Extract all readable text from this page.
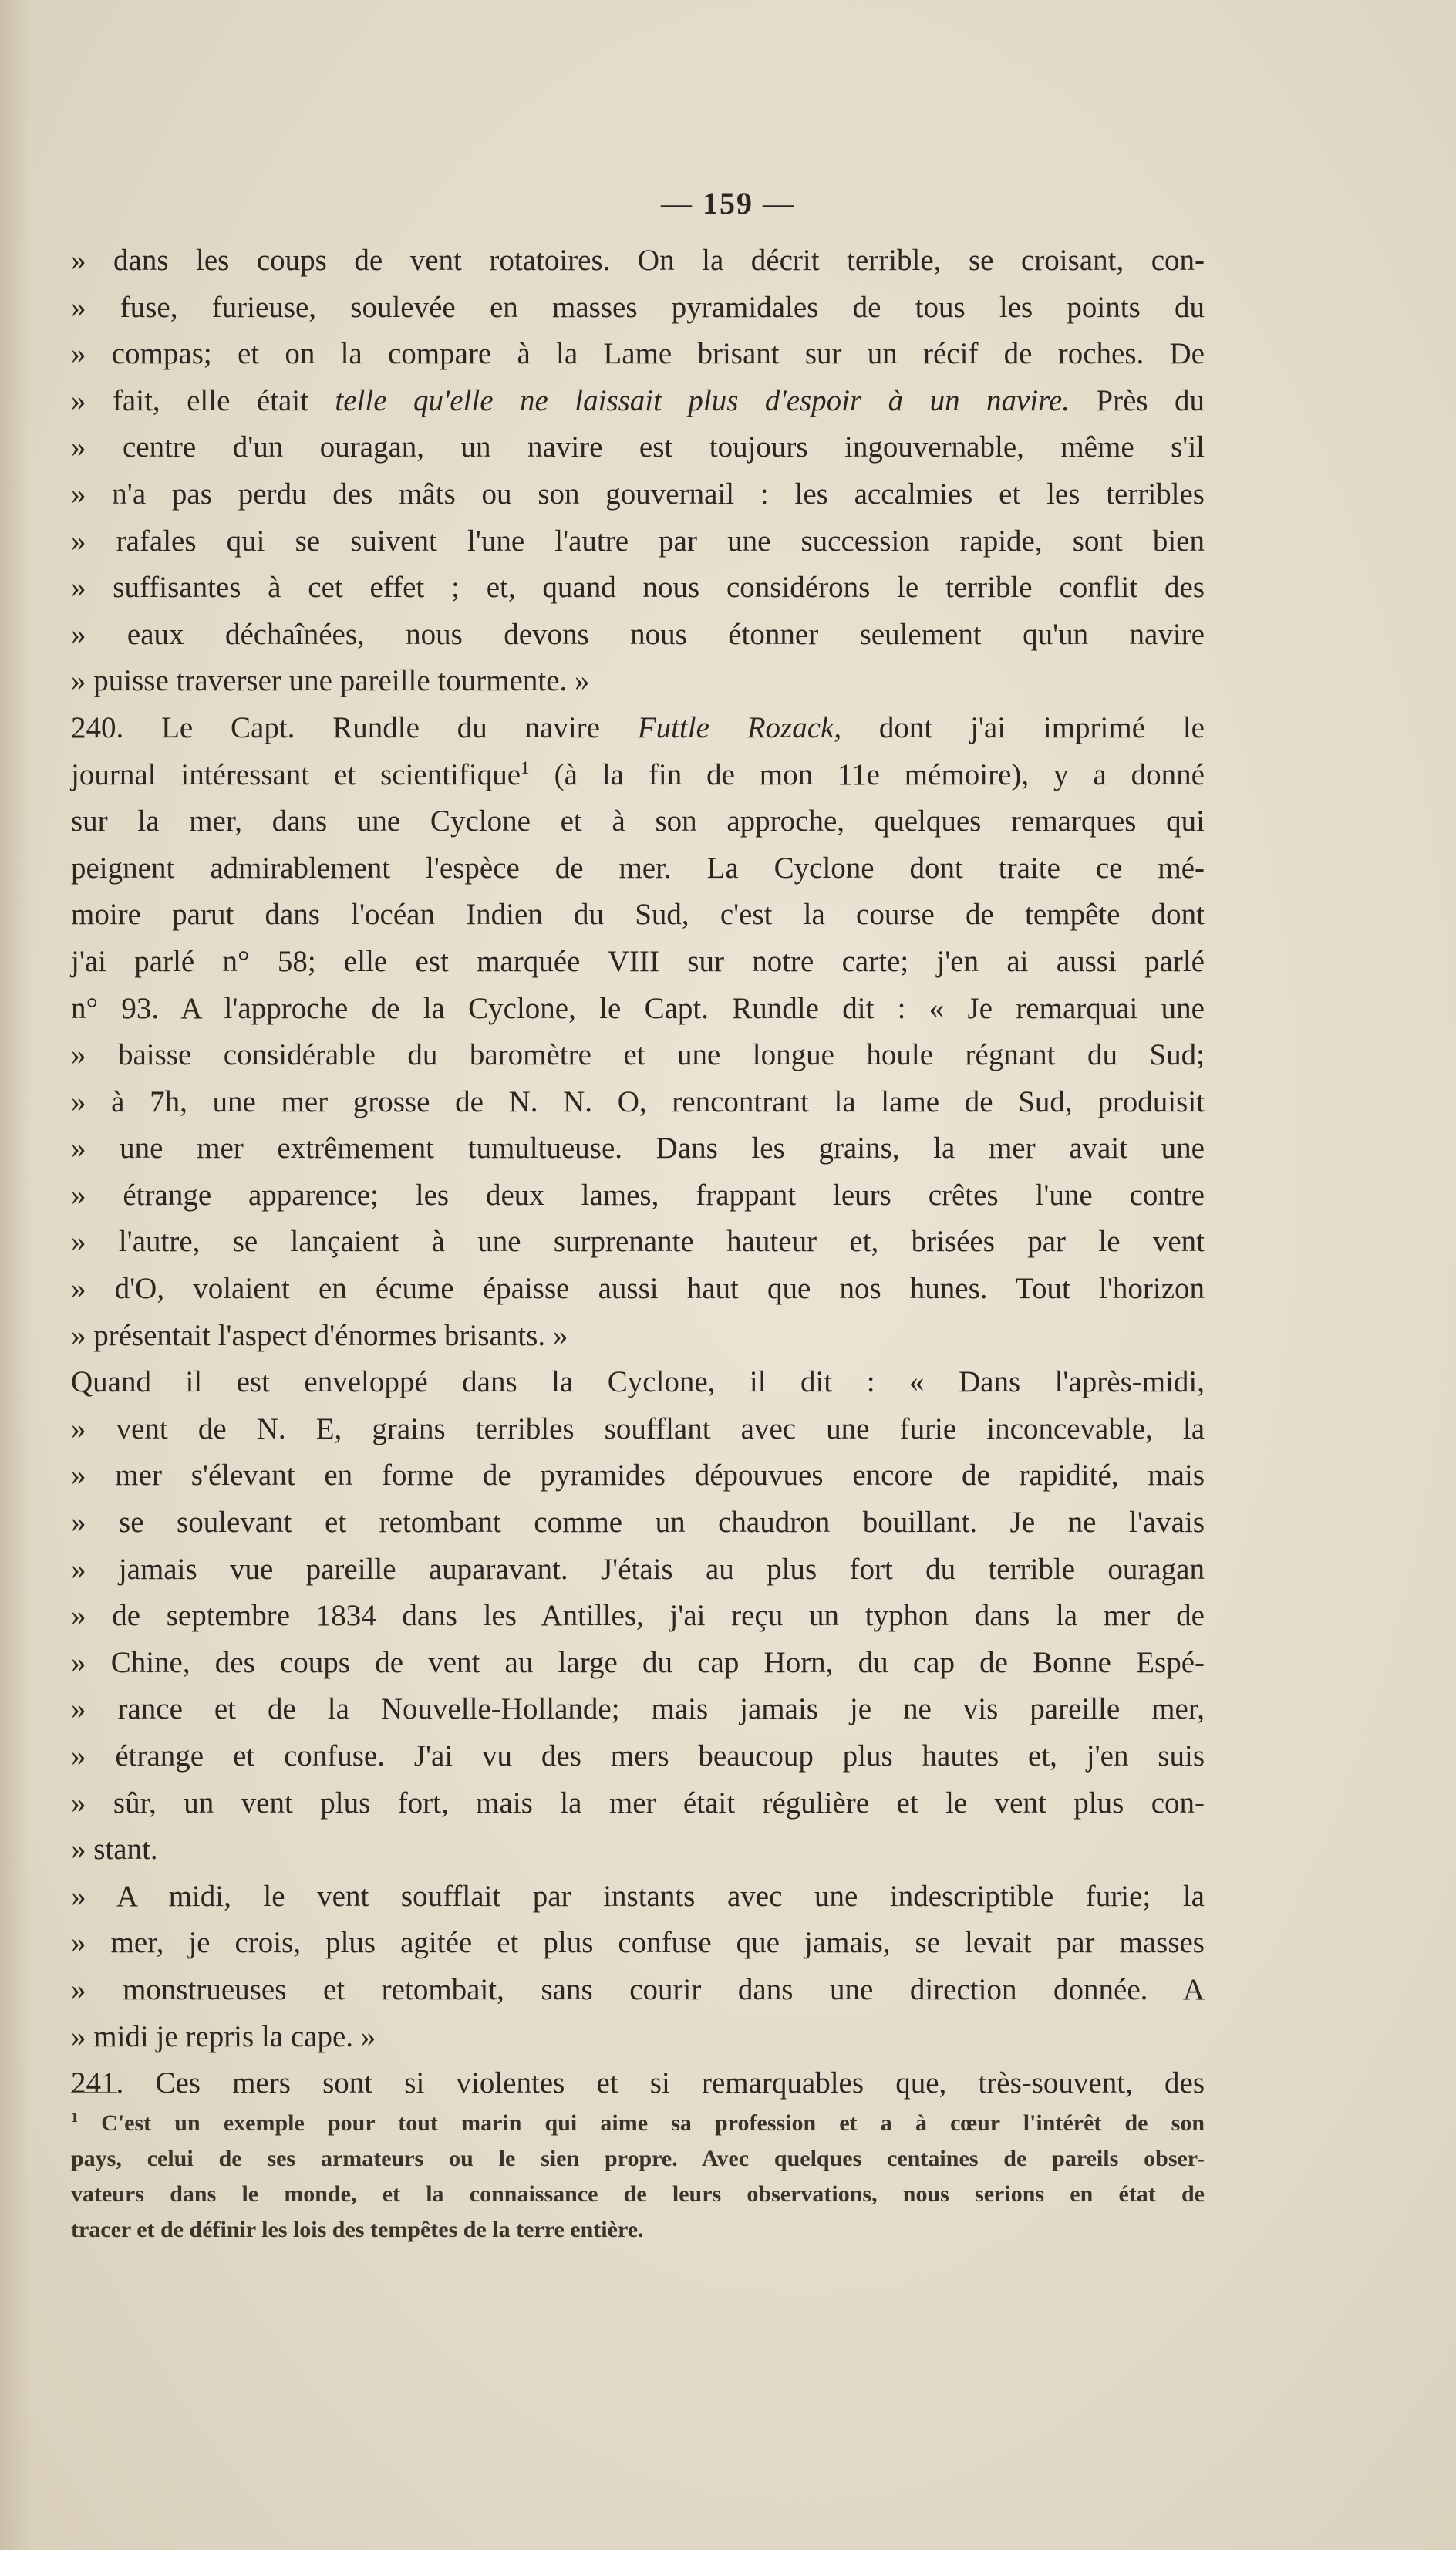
— 159 —
» dans les coups de vent rotatoires. On la décrit terrible, se croisant, con-
» fuse, furieuse, soulevée en masses pyramidales de tous les points du
» compas; et on la compare à la Lame brisant sur un récif de roches. De
» fait, elle était telle qu'elle ne laissait plus d'espoir à un navire. Près du
» centre d'un ouragan, un navire est toujours ingouvernable, même s'il
» n'a pas perdu des mâts ou son gouvernail : les accalmies et les terribles
» rafales qui se suivent l'une l'autre par une succession rapide, sont bien
» suffisantes à cet effet ; et, quand nous considérons le terrible conflit des
» eaux déchaînées, nous devons nous étonner seulement qu'un navire
» puisse traverser une pareille tourmente. »
240. Le Capt. Rundle du navire Futtle Rozack, dont j'ai imprimé le
journal intéressant et scientifique$^1$ (à la fin de mon 11e mémoire), y a donné
sur la mer, dans une Cyclone et à son approche, quelques remarques qui
peignent admirablement l'espèce de mer. La Cyclone dont traite ce mé-
moire parut dans l'océan Indien du Sud, c'est la course de tempête dont
j'ai parlé n° 58; elle est marquée VIII sur notre carte; j'en ai aussi parlé
n° 93. A l'approche de la Cyclone, le Capt. Rundle dit : « Je remarquai une
» baisse considérable du baromètre et une longue houle régnant du Sud;
» à 7h, une mer grosse de N. N. O, rencontrant la lame de Sud, produisit
» une mer extrêmement tumultueuse. Dans les grains, la mer avait une
» étrange apparence; les deux lames, frappant leurs crêtes l'une contre
» l'autre, se lançaient à une surprenante hauteur et, brisées par le vent
» d'O, volaient en écume épaisse aussi haut que nos hunes. Tout l'horizon
» présentait l'aspect d'énormes brisants. »
Quand il est enveloppé dans la Cyclone, il dit : « Dans l'après-midi,
» vent de N. E, grains terribles soufflant avec une furie inconcevable, la
» mer s'élevant en forme de pyramides dépouvues encore de rapidité, mais
» se soulevant et retombant comme un chaudron bouillant. Je ne l'avais
» jamais vue pareille auparavant. J'étais au plus fort du terrible ouragan
» de septembre 1834 dans les Antilles, j'ai reçu un typhon dans la mer de
» Chine, des coups de vent au large du cap Horn, du cap de Bonne Espé-
» rance et de la Nouvelle-Hollande; mais jamais je ne vis pareille mer,
» étrange et confuse. J'ai vu des mers beaucoup plus hautes et, j'en suis
» sûr, un vent plus fort, mais la mer était régulière et le vent plus con-
» stant.
» A midi, le vent soufflait par instants avec une indescriptible furie; la
» mer, je crois, plus agitée et plus confuse que jamais, se levait par masses
» monstrueuses et retombait, sans courir dans une direction donnée. A
» midi je repris la cape. »
241. Ces mers sont si violentes et si remarquables que, très-souvent, des
$^1$ C'est un exemple pour tout marin qui aime sa profession et a à cœur l'intérêt de son
pays, celui de ses armateurs ou le sien propre. Avec quelques centaines de pareils obser-
vateurs dans le monde, et la connaissance de leurs observations, nous serions en état de
tracer et de définir les lois des tempêtes de la terre entière.
